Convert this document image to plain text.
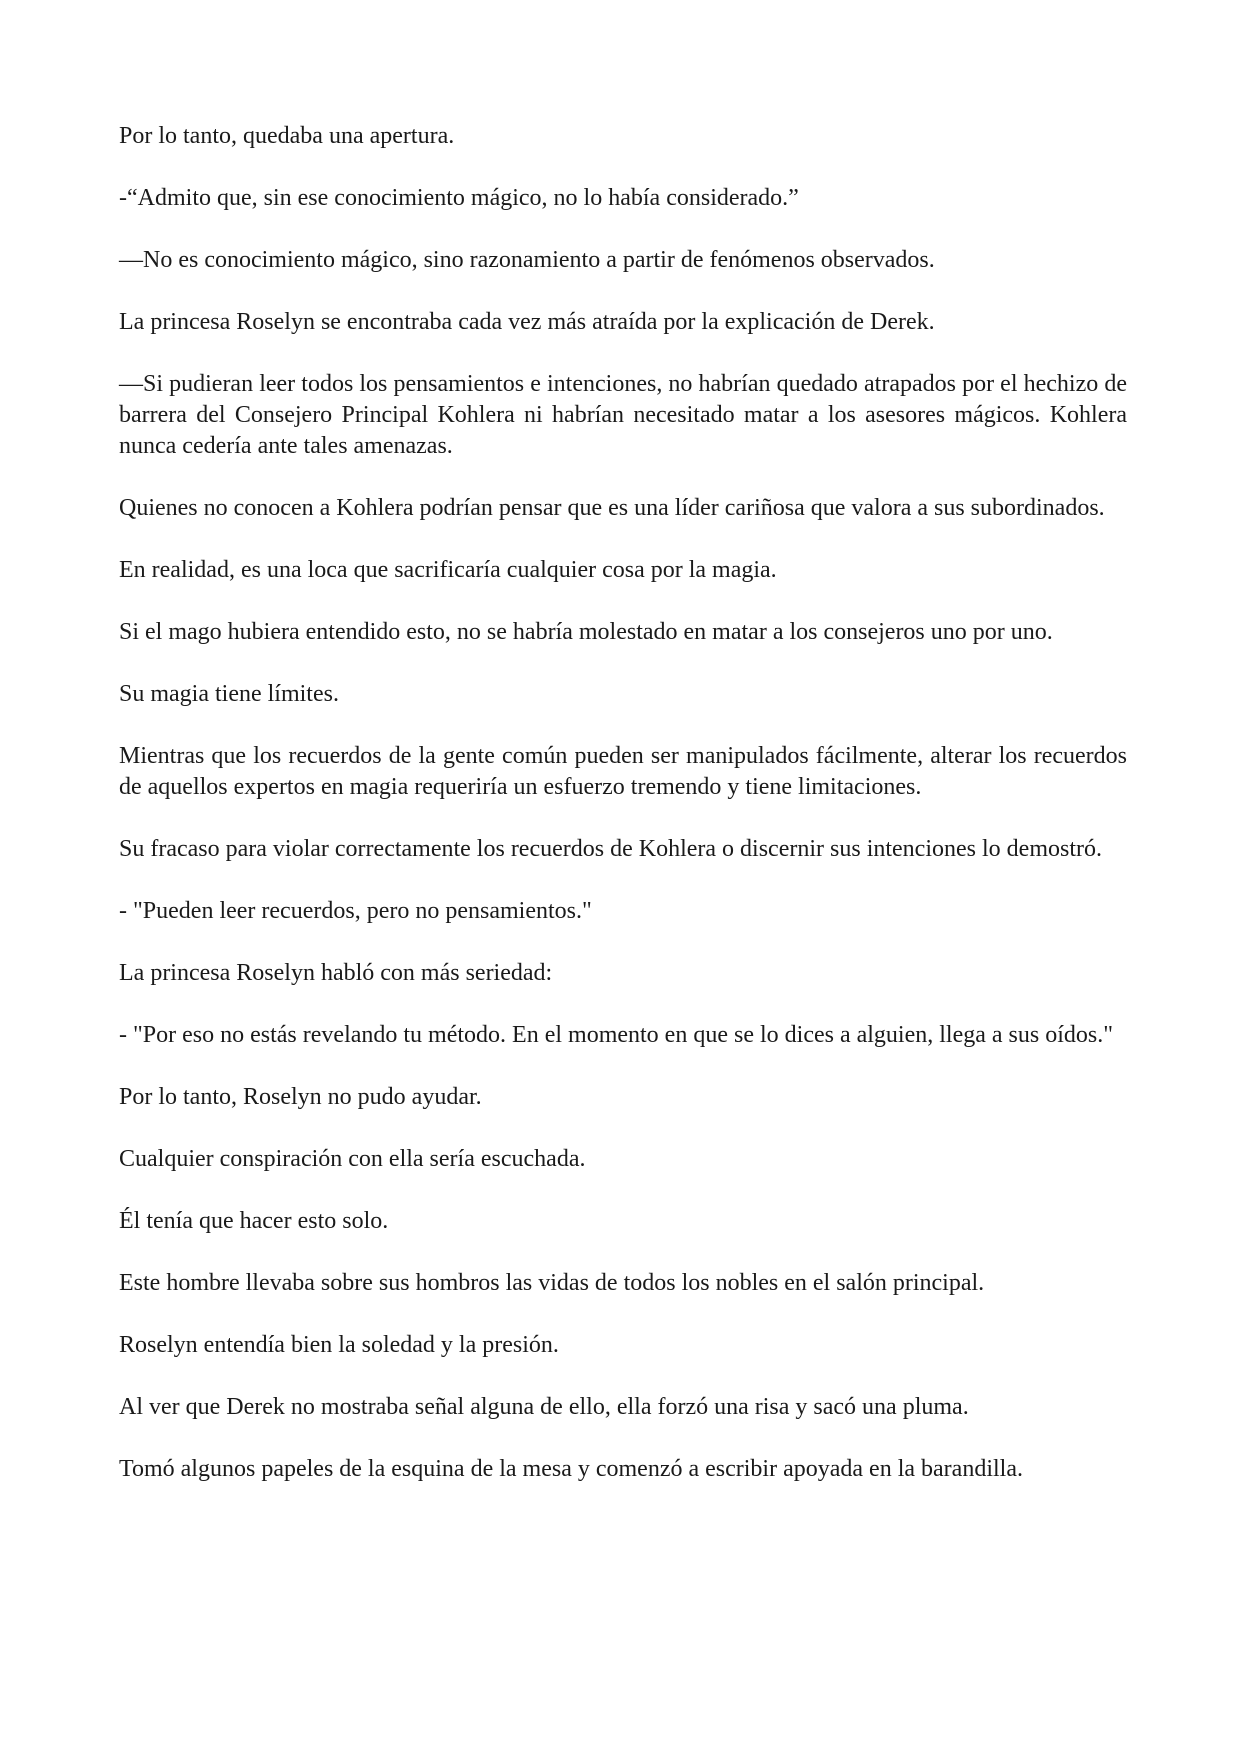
Por lo tanto, quedaba una apertura.

-“Admito que, sin ese conocimiento mágico, no lo había considerado.”

—No es conocimiento mágico, sino razonamiento a partir de fenómenos observados.

La princesa Roselyn se encontraba cada vez más atraída por la explicación de Derek.

—Si pudieran leer todos los pensamientos e intenciones, no habrían quedado atrapados por el hechizo de barrera del Consejero Principal Kohlera ni habrían necesitado matar a los asesores mágicos. Kohlera nunca cedería ante tales amenazas.

Quienes no conocen a Kohlera podrían pensar que es una líder cariñosa que valora a sus subordinados.

En realidad, es una loca que sacrificaría cualquier cosa por la magia.

Si el mago hubiera entendido esto, no se habría molestado en matar a los consejeros uno por uno.

Su magia tiene límites.

Mientras que los recuerdos de la gente común pueden ser manipulados fácilmente, alterar los recuerdos de aquellos expertos en magia requeriría un esfuerzo tremendo y tiene limitaciones.

Su fracaso para violar correctamente los recuerdos de Kohlera o discernir sus intenciones lo demostró.

- "Pueden leer recuerdos, pero no pensamientos."

La princesa Roselyn habló con más seriedad:

- "Por eso no estás revelando tu método. En el momento en que se lo dices a alguien, llega a sus oídos."

Por lo tanto, Roselyn no pudo ayudar.

Cualquier conspiración con ella sería escuchada.

Él tenía que hacer esto solo.

Este hombre llevaba sobre sus hombros las vidas de todos los nobles en el salón principal.

Roselyn entendía bien la soledad y la presión.

Al ver que Derek no mostraba señal alguna de ello, ella forzó una risa y sacó una pluma.

Tomó algunos papeles de la esquina de la mesa y comenzó a escribir apoyada en la barandilla.
